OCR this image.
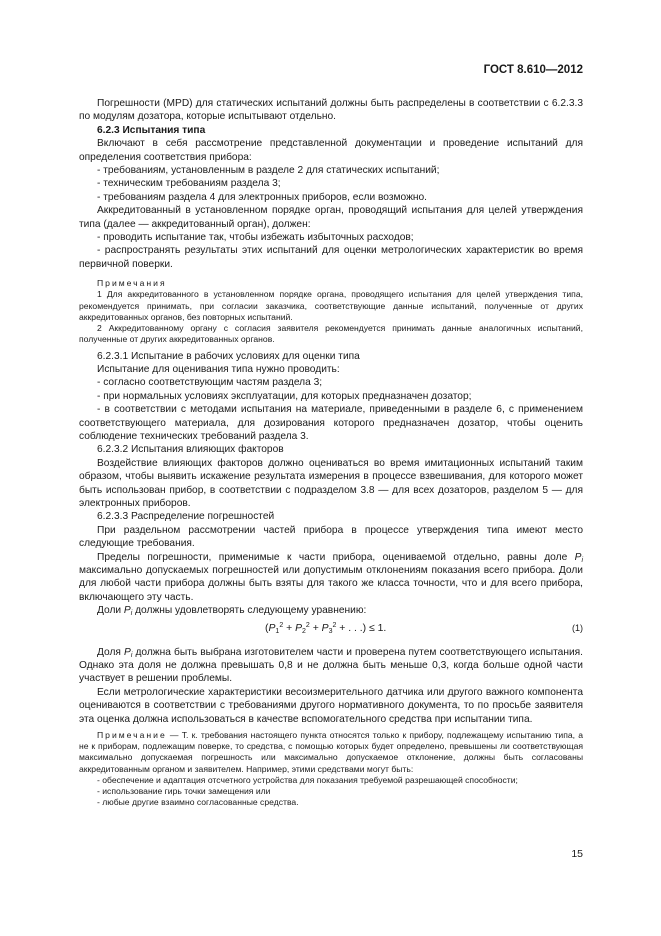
ГОСТ 8.610—2012

Погрешности (MPD) для статических испытаний должны быть распределены в соответствии с 6.2.3.3 по модулям дозатора, которые испытывают отдельно.

6.2.3 Испытания типа

Включают в себя рассмотрение представленной документации и проведение испытаний для определения соответствия прибора:

- требованиям, установленным в разделе 2 для статических испытаний;

- техническим требованиям раздела 3;

- требованиям раздела 4 для электронных приборов, если возможно.

Аккредитованный в установленном порядке орган, проводящий испытания для целей утверждения типа (далее — аккредитованный орган), должен:

- проводить испытание так, чтобы избежать избыточных расходов;

- распространять результаты этих испытаний для оценки метрологических характеристик во время первичной поверки.

Примечания

1 Для аккредитованного в установленном порядке органа, проводящего испытания для целей утверждения типа, рекомендуется принимать, при согласии заказчика, соответствующие данные испытаний, полученные от других аккредитованных органов, без повторных испытаний.

2 Аккредитованному органу с согласия заявителя рекомендуется принимать данные аналогичных испытаний, полученные от других аккредитованных органов.

6.2.3.1 Испытание в рабочих условиях для оценки типа

Испытание для оценивания типа нужно проводить:

- согласно соответствующим частям раздела 3;

- при нормальных условиях эксплуатации, для которых предназначен дозатор;

- в соответствии с методами испытания на материале, приведенными в разделе 6, с применением соответствующего материала, для дозирования которого предназначен дозатор, чтобы оценить соблюдение технических требований раздела 3.

6.2.3.2 Испытания влияющих факторов

Воздействие влияющих факторов должно оцениваться во время имитационных испытаний таким образом, чтобы выявить искажение результата измерения в процессе взвешивания, для которого может быть использован прибор, в соответствии с подразделом 3.8 — для всех дозаторов, разделом 5 — для электронных приборов.

6.2.3.3 Распределение погрешностей

При раздельном рассмотрении частей прибора в процессе утверждения типа имеют место следующие требования.

Пределы погрешности, применимые к части прибора, оцениваемой отдельно, равны доле $P_i$ максимально допускаемых погрешностей или допустимым отклонениям показания всего прибора. Доли для любой части прибора должны быть взяты для такого же класса точности, что и для всего прибора, включающего эту часть.

Доли $P_i$ должны удовлетворять следующему уравнению:

($P_1^2 + P_2^2 + P_3^2$ + . . .) ≤ 1.	(1)

Доля $P_i$ должна быть выбрана изготовителем части и проверена путем соответствующего испытания. Однако эта доля не должна превышать 0,8 и не должна быть меньше 0,3, когда больше одной части участвует в решении проблемы.

Если метрологические характеристики весоизмерительного датчика или другого важного компонента оцениваются в соответствии с требованиями другого нормативного документа, то по просьбе заявителя эта оценка должна использоваться в качестве вспомогательного средства при испытании типа.

Примечание — Т. к. требования настоящего пункта относятся только к прибору, подлежащему испытанию типа, а не к приборам, подлежащим поверке, то средства, с помощью которых будет определено, превышены ли соответствующая максимально допускаемая погрешность или максимально допускаемое отклонение, должны быть согласованы аккредитованным органом и заявителем. Например, этими средствами могут быть:

- обеспечение и адаптация отсчетного устройства для показания требуемой разрешающей способности;

- использование гирь точки замещения или

- любые другие взаимно согласованные средства.

15
